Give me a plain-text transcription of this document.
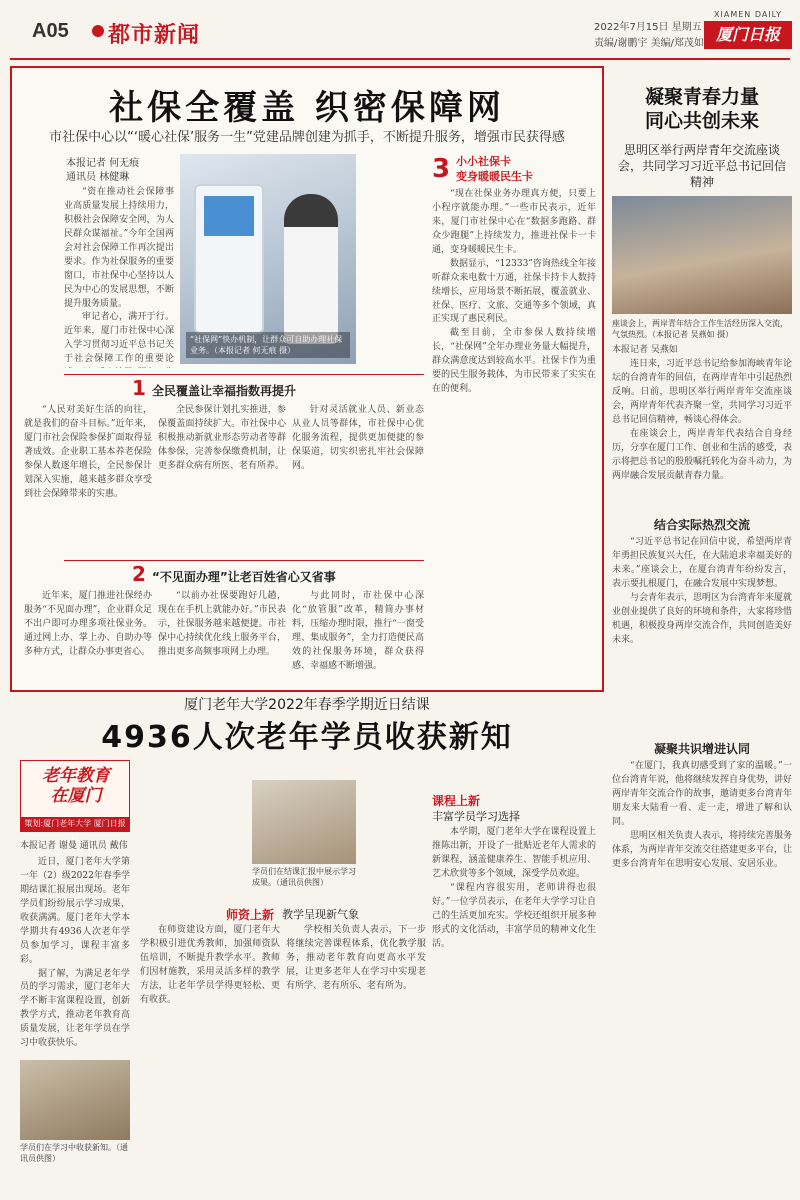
A05 都市新闻	2022年7月15日 星期五
责编/谢鹏宇 美编/郑茂如
XIAMEN DAILY
厦门日报
社保全覆盖 织密保障网
市社保中心以“‘暖心社保’服务一生”党建品牌创建为抓手，不断提升服务，增强市民获得感
本报记者 何无痕
通讯员 林健琳

“资在推动社会保障事业高质量发展上持续用力，积极社会保障安全网，为人民群众谋福祉。”今年全国两会对社会保障工作再次提出要求。作为社保服务的重要窗口，市社保中心坚持以人民为中心的发展思想，不断提升服务质量。

审记者心，满开于行。近年来，厦门市社保中心深入学习贯彻习近平总书记关于社会保障工作的重要论

“社保网”快办机制，让群众可自助办理社保业务。（本报记者 何无痕 摄）
3 小小社保卡
变身暖暖民生卡

“现在社保业务办理真方便，只要上小程序就能办理。”一些市民表示，近年来，厦门市社保中心在“数据多跑路、群众少跑腿”上持续发力，推进社保卡一卡通，变身暖暖民生卡。

数据显示，“12333”咨询热线全年接听群众来电数十万通，社保卡持卡人数持续增长，应用场景不断拓展，覆盖就业、社保、医疗、文旅、交通等多个领域，真正实现了惠民利民。

截至目前，全市参保人数持续增长，“社保网”全年办理业务量大幅提升，群众满意度达到较高水平。社保卡作为重要的民生服务载体，为市民带来了实实在在的便利。

1 全民覆盖让幸福指数再提升

“人民对美好生活的向往，就是我们的奋斗目标。”近年来，厦门市社会保险参保扩面取得显著成效。企业职工基本养老保险参保人数逐年增长，全民参保计划深入实施，越来越多群众享受到社会保障带来的实惠。

全民参保计划扎实推进，参保覆盖面持续扩大。市社保中心积极推动新就业形态劳动者等群体参保，完善参保缴费机制，让更多群众病有所医、老有所养。

针对灵活就业人员、新业态从业人员等群体，市社保中心优化服务流程，提供更加便捷的参保渠道，切实织密扎牢社会保障网。

2 “不见面办理”让老百姓省心又省事

近年来，厦门推进社保经办服务“不见面办理”，企业群众足不出户即可办理多项社保业务。通过网上办、掌上办、自助办等多种方式，让群众办事更省心。

“以前办社保要跑好几趟，现在在手机上就能办好。”市民表示，社保服务越来越便捷。市社保中心持续优化线上服务平台，推出更多高频事项网上办理。

与此同时，市社保中心深化“放管服”改革，精简办事材料，压缩办理时限，推行“一窗受理、集成服务”，全力打造便民高效的社保服务环境，群众获得感、幸福感不断增强。

凝聚青春力量
同心共创未来
思明区举行两岸青年交流座谈会，共同学习习近平总书记回信精神
座谈会上，两岸青年结合工作生活经历深入交流，气氛热烈。（本报记者 吴燕如 摄）
本报记者 吴燕如

连日来，习近平总书记给参加海峡青年论坛的台湾青年的回信，在两岸青年中引起热烈反响。日前，思明区举行两岸青年交流座谈会，两岸青年代表齐聚一堂，共同学习习近平总书记回信精神，畅谈心得体会。

在座谈会上，两岸青年代表结合自身经历，分享在厦门工作、创业和生活的感受，表示将把总书记的殷殷嘱托转化为奋斗动力，为两岸融合发展贡献青春力量。

结合实际热烈交流

“习近平总书记在回信中说，希望两岸青年勇担民族复兴大任，在大陆追求幸福美好的未来。”座谈会上，在厦台湾青年纷纷发言，表示要扎根厦门，在融合发展中实现梦想。

与会青年表示，思明区为台湾青年来厦就业创业提供了良好的环境和条件，大家将珍惜机遇，积极投身两岸交流合作，共同创造美好未来。

凝聚共识增进认同

“在厦门，我真切感受到了家的温暖。”一位台湾青年说，他将继续发挥自身优势，讲好两岸青年交流合作的故事，邀请更多台湾青年朋友来大陆看一看、走一走，增进了解和认同。

思明区相关负责人表示，将持续完善服务体系，为两岸青年交流交往搭建更多平台，让更多台湾青年在思明安心发展、安居乐业。

厦门老年大学2022年春季学期近日结课
4936人次老年学员收获新知
老年教育
在厦门
策划:厦门老年大学 厦门日报社
本报记者 谢曼 通讯员 戴伟

近日，厦门老年大学第一年（2）级2022年春季学期结课汇报展出现场。老年学员们纷纷展示学习成果，收获满满。厦门老年大学本学期共有4936人次老年学员参加学习，课程丰富多彩。

据了解，为满足老年学员的学习需求，厦门老年大学不断丰富课程设置，创新教学方式，推动老年教育高质量发展，让老年学员在学习中收获快乐。

学员们在结课汇报中展示学习成果。（通讯员供图）
学员们在学习中收获新知。（通讯员供图）
课程上新
丰富学员学习选择

本学期，厦门老年大学在课程设置上推陈出新，开设了一批贴近老年人需求的新课程，涵盖健康养生、智能手机应用、艺术欣赏等多个领域，深受学员欢迎。

“课程内容很实用，老师讲得也很好。”一位学员表示，在老年大学学习让自己的生活更加充实。学校还组织开展多种形式的文化活动，丰富学员的精神文化生活。

师资上新 教学呈现新气象

在师资建设方面，厦门老年大学积极引进优秀教师，加强师资队伍培训，不断提升教学水平。教师们因材施教，采用灵活多样的教学方法，让老年学员学得更轻松、更有收获。

学校相关负责人表示，下一步将继续完善课程体系，优化教学服务，推动老年教育向更高水平发展，让更多老年人在学习中实现老有所学、老有所乐、老有所为。
